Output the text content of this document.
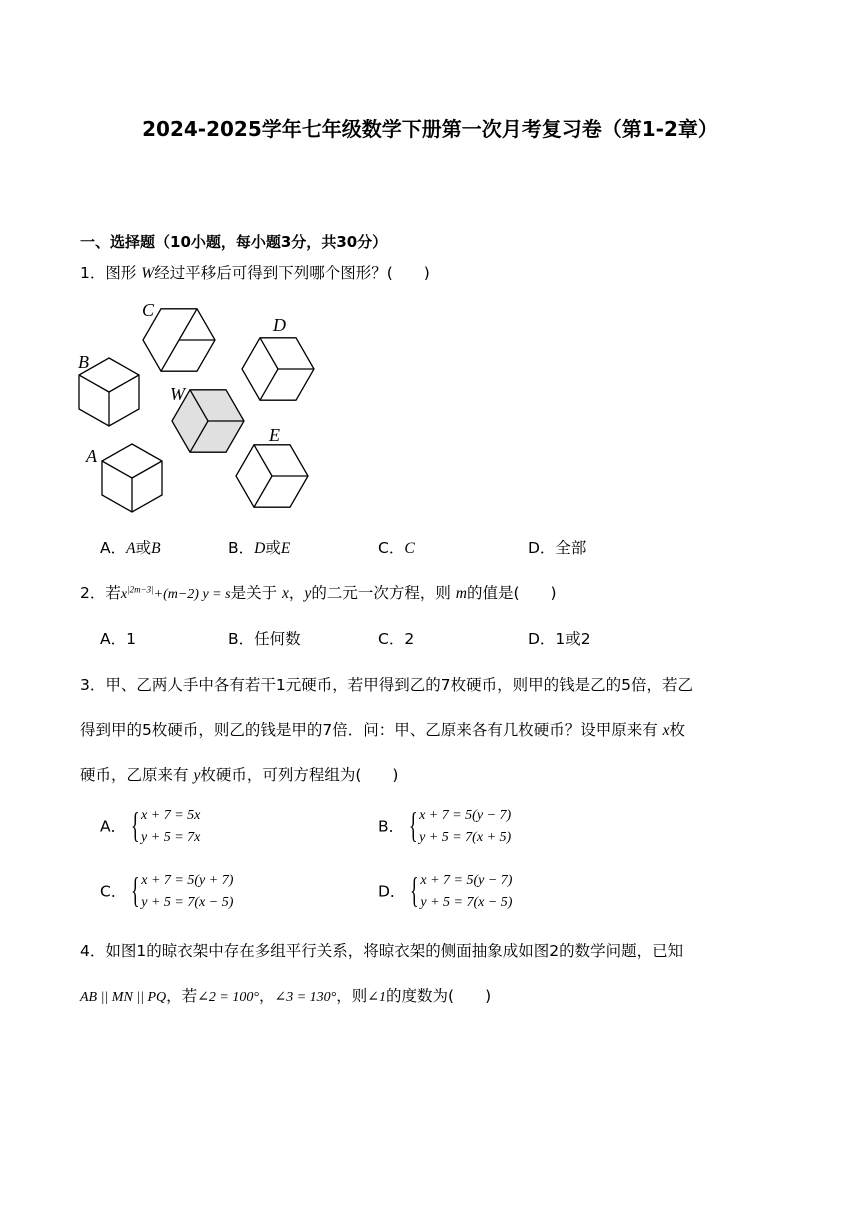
2024-2025学年七年级数学下册第一次月考复习卷（第1-2章）
一、选择题（10小题，每小题3分，共30分）
1．图形 W经过平移后可得到下列哪个图形？(　　)
C
D
B
W
E
A
A．A或B	B．D或E	C．C	D．全部
2．若$x^{|2m-3|}+(m-2) y = s$是关于 x，y的二元一次方程，则 m的值是(　　)
A．1	B．任何数	C．2	D．1或2
3．甲、乙两人手中各有若干1元硬币，若甲得到乙的7枚硬币，则甲的钱是乙的5倍，若乙
得到甲的5枚硬币，则乙的钱是甲的7倍．问：甲、乙原来各有几枚硬币？设甲原来有 x枚
硬币，乙原来有 y枚硬币，可列方程组为(　　)
A． { x + 7 = 5x
y + 5 = 7x
B． { x + 7 = 5(y − 7)
y + 5 = 7(x + 5)
C． { x + 7 = 5(y + 7)
y + 5 = 7(x − 5)
D． { x + 7 = 5(y − 7)
y + 5 = 7(x − 5)
4．如图1的晾衣架中存在多组平行关系，将晾衣架的侧面抽象成如图2的数学问题，已知
AB || MN || PQ，若∠2 = 100°，∠3 = 130°，则∠1的度数为(　　)
